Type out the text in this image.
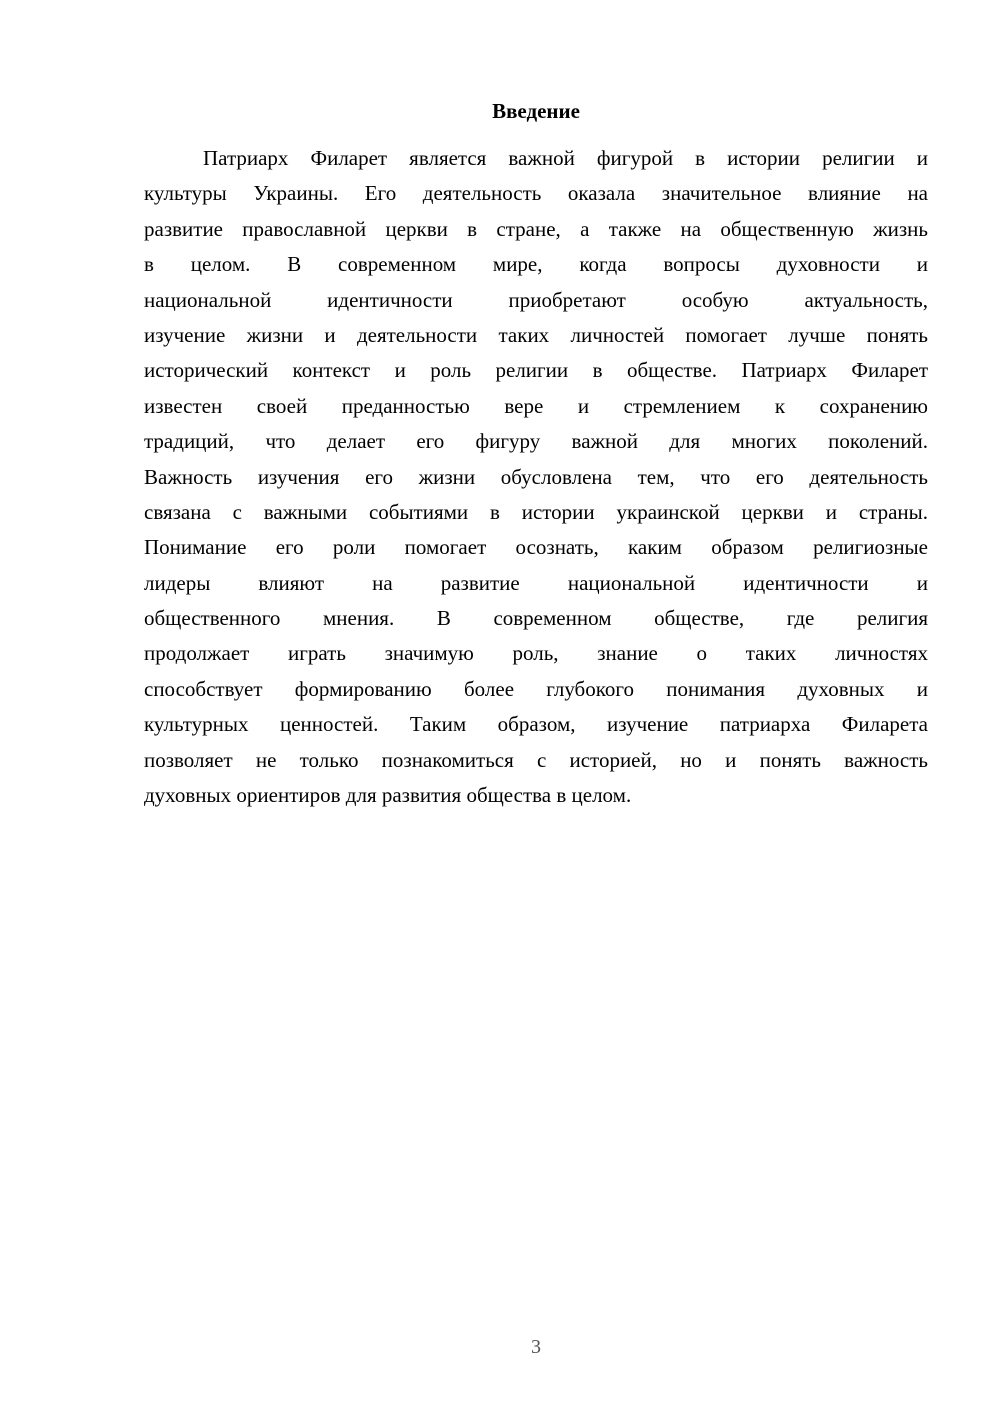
Введение
Патриарх Филарет является важной фигурой в истории религии и
культуры Украины. Его деятельность оказала значительное влияние на
развитие православной церкви в стране, а также на общественную жизнь
в целом. В современном мире, когда вопросы духовности и
национальной идентичности приобретают особую актуальность,
изучение жизни и деятельности таких личностей помогает лучше понять
исторический контекст и роль религии в обществе. Патриарх Филарет
известен своей преданностью вере и стремлением к сохранению
традиций, что делает его фигуру важной для многих поколений.
Важность изучения его жизни обусловлена тем, что его деятельность
связана с важными событиями в истории украинской церкви и страны.
Понимание его роли помогает осознать, каким образом религиозные
лидеры влияют на развитие национальной идентичности и
общественного мнения. В современном обществе, где религия
продолжает играть значимую роль, знание о таких личностях
способствует формированию более глубокого понимания духовных и
культурных ценностей. Таким образом, изучение патриарха Филарета
позволяет не только познакомиться с историей, но и понять важность
духовных ориентиров для развития общества в целом.
3
